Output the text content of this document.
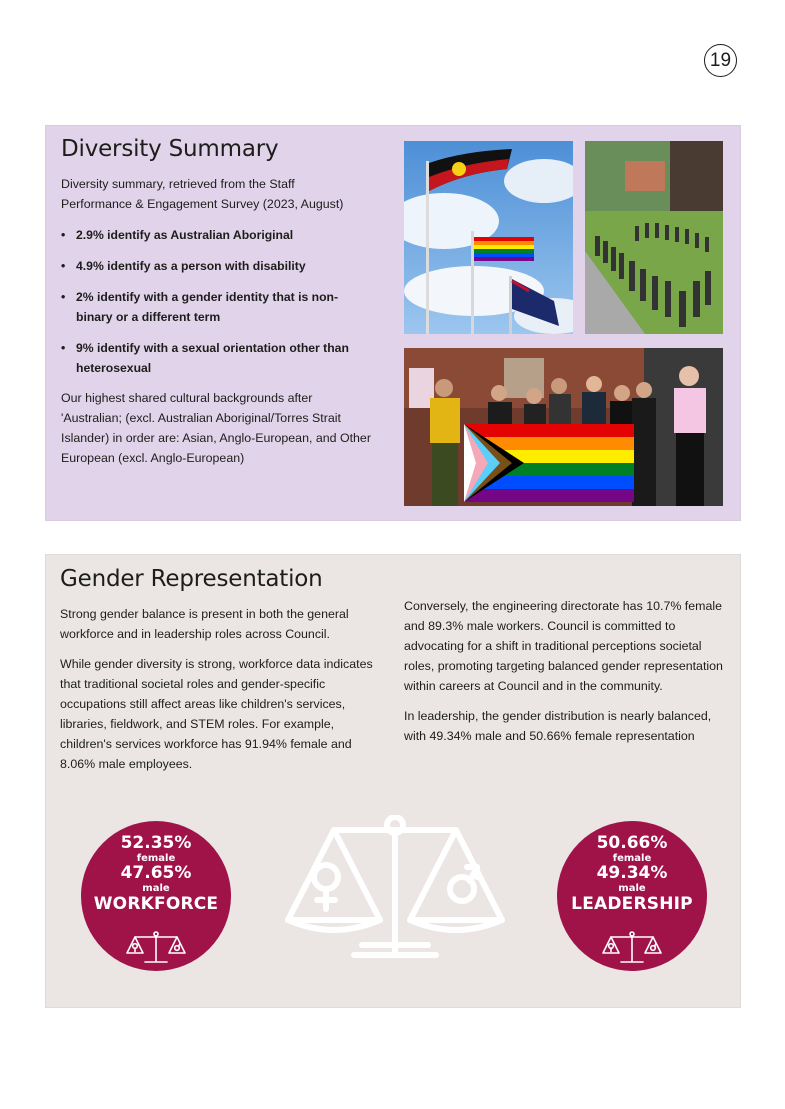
19
Diversity Summary

Diversity summary, retrieved from the Staff Performance & Engagement Survey (2023, August)

• 2.9% identify as Australian Aboriginal
• 4.9% identify as a person with disability
• 2% identify with a gender identity that is non-binary or a different term
• 9% identify with a sexual orientation other than heterosexual

Our highest shared cultural backgrounds after 'Australian; (excl. Australian Aboriginal/Torres Strait Islander) in order are: Asian, Anglo-European, and Other European (excl. Anglo-European)

Gender Representation

Strong gender balance is present in both the general workforce and in leadership roles across Council.

While gender diversity is strong, workforce data indicates that traditional societal roles and gender-specific occupations still affect areas like children's services, libraries, fieldwork, and STEM roles. For example, children's services workforce has 91.94% female and 8.06% male employees.

Conversely, the engineering directorate has 10.7% female and 89.3% male workers. Council is committed to advocating for a shift in traditional perceptions societal roles, promoting targeting balanced gender representation within careers at Council and in the community.

In leadership, the gender distribution is nearly balanced, with 49.34% male and 50.66% female representation

52.35%
female
47.65%
male
WORKFORCE
50.66%
female
49.34%
male
LEADERSHIP
